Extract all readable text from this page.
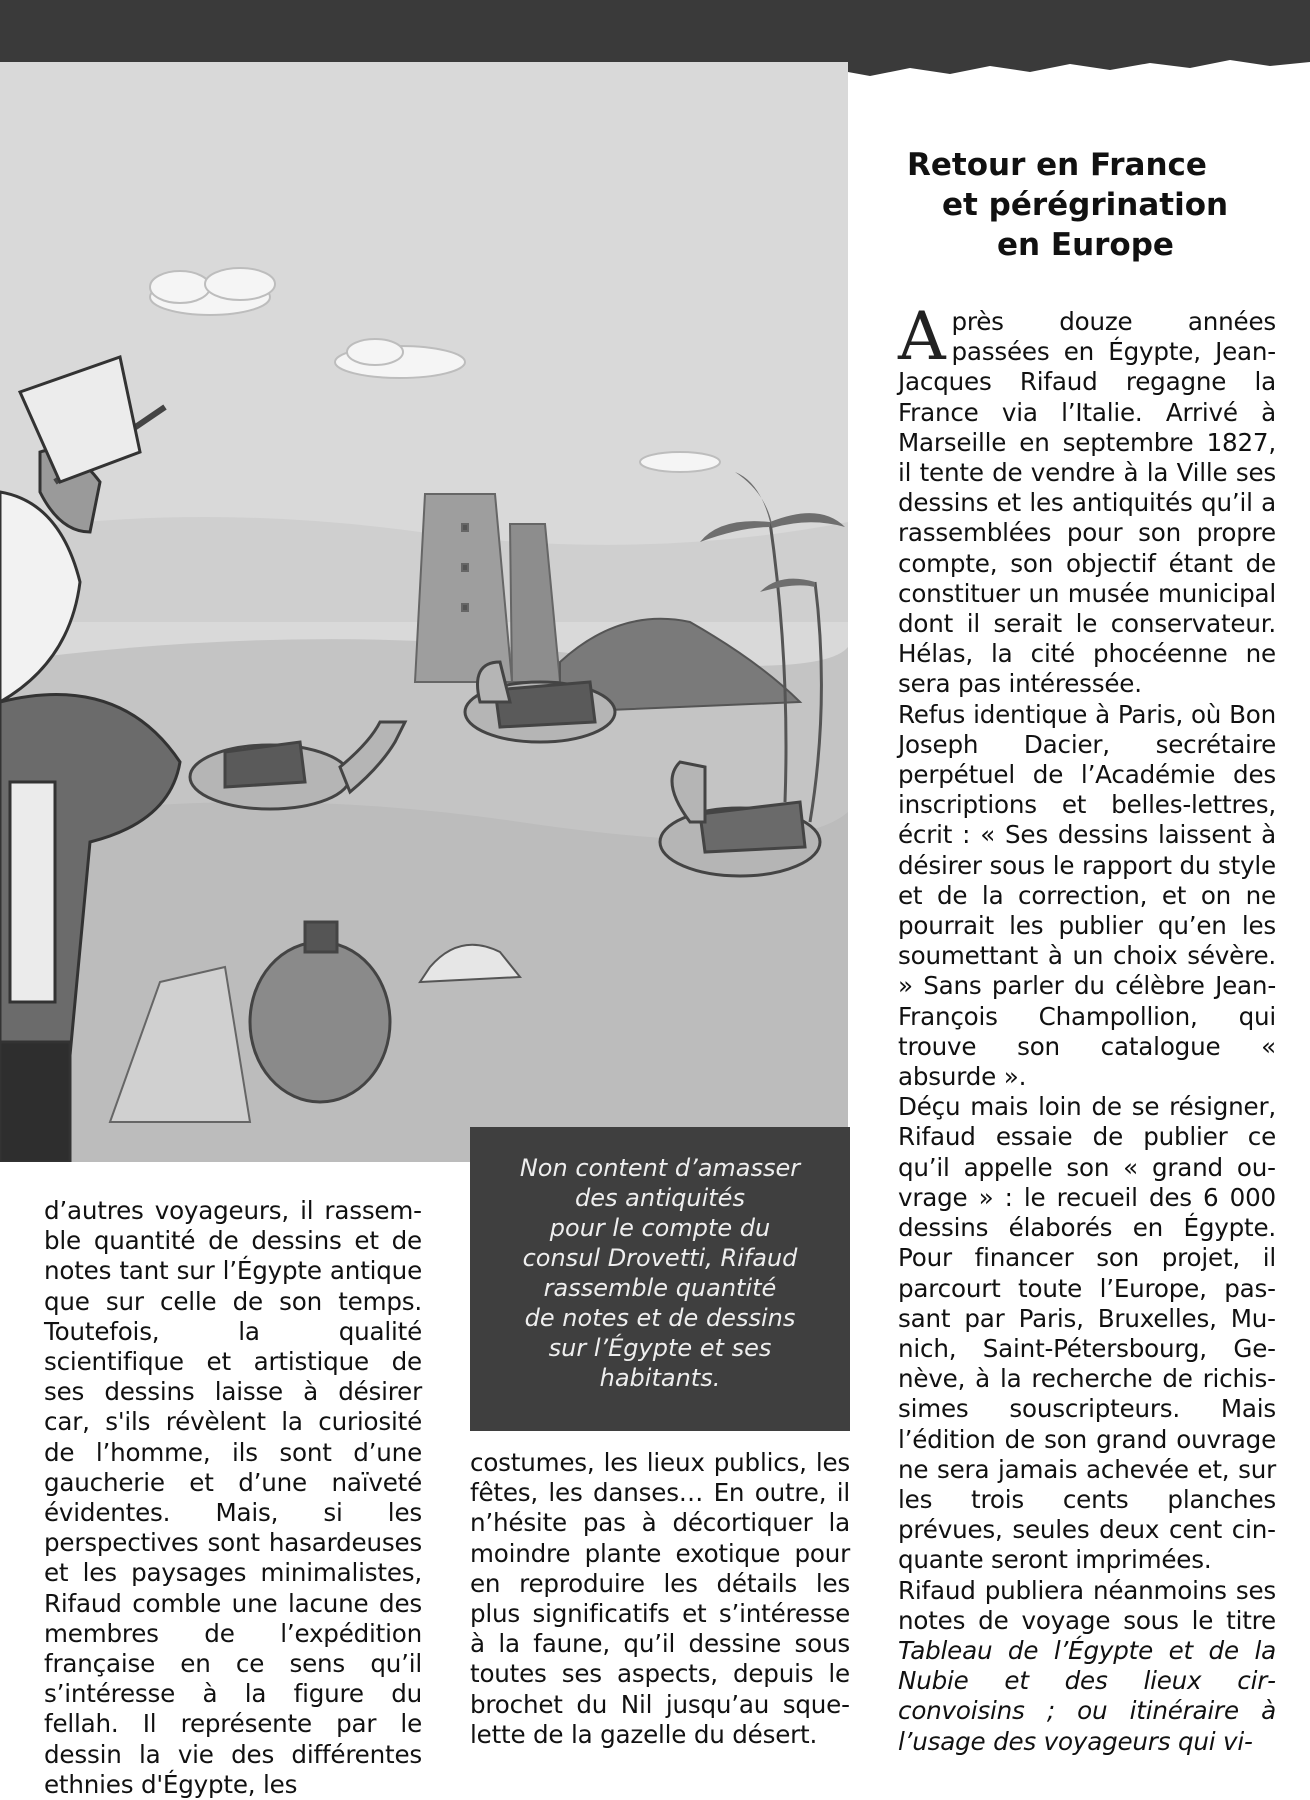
Retour en France
et pérégrination
en Europe

Après douze années passées en Égypte, Jean-Jacques Rifaud regagne la France via l’Italie. Arrivé à Marseille en septembre 1827, il tente de vendre à la Ville ses dessins et les antiquités qu’il a rassemblées pour son propre compte, son objectif étant de constituer un musée municipal dont il serait le conservateur. Hélas, la cité phocéenne ne sera pas intéressée.

Refus identique à Paris, où Bon Joseph Dacier, secrétaire perpétuel de l’Académie des inscriptions et belles-lettres, écrit : « Ses dessins laissent à désirer sous le rapport du style et de la correction, et on ne pourrait les publier qu’en les soumettant à un choix sévère. » Sans parler du célèbre Jean-François Champollion, qui trouve son catalogue « absurde ».

Déçu mais loin de se résigner, Rifaud essaie de publier ce qu’il appelle son « grand ouvrage » : le recueil des 6 000 dessins élaborés en Égypte. Pour financer son projet, il parcourt toute l’Europe, passant par Paris, Bruxelles, Munich, Saint-Pétersbourg, Genève, à la recherche de richissimes souscripteurs. Mais l’édition de son grand ouvrage ne sera jamais achevée et, sur les trois cents planches prévues, seules deux cent cinquante seront imprimées.

Rifaud publiera néanmoins ses notes de voyage sous le titre Tableau de l’Égypte et de la Nubie et des lieux circonvoisins ; ou itinéraire à l’usage des voyageurs qui vi-

Non content d’amasser
des antiquités
pour le compte du
consul Drovetti, Rifaud
rassemble quantité
de notes et de dessins
sur l’Égypte et ses
habitants.

d’autres voyageurs, il rassemble quantité de dessins et de notes tant sur l’Égypte antique que sur celle de son temps. Toutefois, la qualité scientifique et artistique de ses dessins laisse à désirer car, s'ils révèlent la curiosité de l’homme, ils sont d’une gaucherie et d’une naïveté évidentes. Mais, si les perspectives sont hasardeuses et les paysages minimalistes, Rifaud comble une lacune des membres de l’expédition française en ce sens qu’il s’intéresse à la figure du fellah. Il représente par le dessin la vie des différentes ethnies d'Égypte, les

costumes, les lieux publics, les fêtes, les danses… En outre, il n’hésite pas à décortiquer la moindre plante exotique pour en reproduire les détails les plus significatifs et s’intéresse à la faune, qu’il dessine sous toutes ses aspects, depuis le brochet du Nil jusqu’au squelette de la gazelle du désert.
